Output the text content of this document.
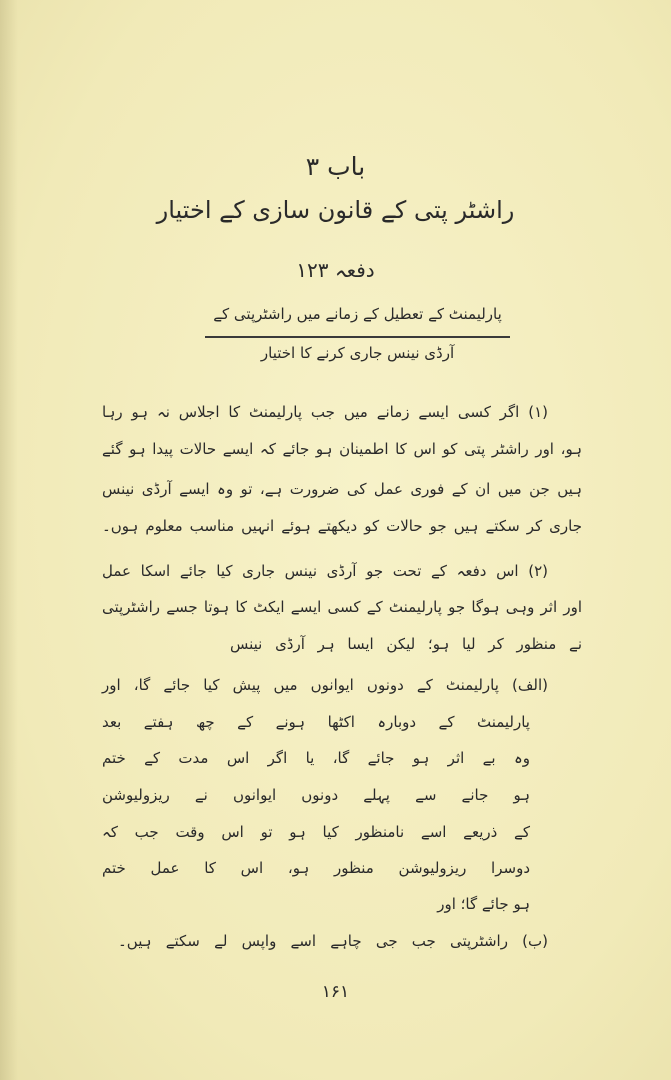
باب ۳
راشٹر پتی کے قانون سازی کے اختیار
دفعہ ۱۲۳
پارلیمنٹ کے تعطیل کے زمانے میں راشٹرپتی کے
آرڈی نینس جاری کرنے کا اختیار
(۱) اگر کسی ایسے زمانے میں جب پارلیمنٹ کا اجلاس نہ ہو رہا
ہو، اور راشٹر پتی کو اس کا اطمینان ہو جائے کہ ایسے حالات پیدا ہو گئے
ہیں جن میں ان کے فوری عمل کی ضرورت ہے، تو وہ ایسے آرڈی نینس
جاری کر سکتے ہیں جو حالات کو دیکھتے ہوئے انہیں مناسب معلوم ہوں۔
(۲) اس دفعہ کے تحت جو آرڈی نینس جاری کیا جائے اسکا عمل
اور اثر وہی ہوگا جو پارلیمنٹ کے کسی ایسے ایکٹ کا ہوتا جسے راشٹرپتی
نے منظور کر لیا ہو؛ لیکن ایسا ہر آرڈی نینس
(الف) پارلیمنٹ کے دونوں ایوانوں میں پیش کیا جائے گا، اور
پارلیمنٹ کے دوبارہ اکٹھا ہونے کے چھ ہفتے بعد
وہ بے اثر ہو جائے گا، یا اگر اس مدت کے ختم
ہو جانے سے پہلے دونوں ایوانوں نے ریزولیوشن
کے ذریعے اسے نامنظور کیا ہو تو اس وقت جب کہ
دوسرا ریزولیوشن منظور ہو، اس کا عمل ختم
ہو جائے گا؛ اور
(ب) راشٹرپتی جب جی چاہے اسے واپس لے سکتے ہیں۔
۱۶۱
